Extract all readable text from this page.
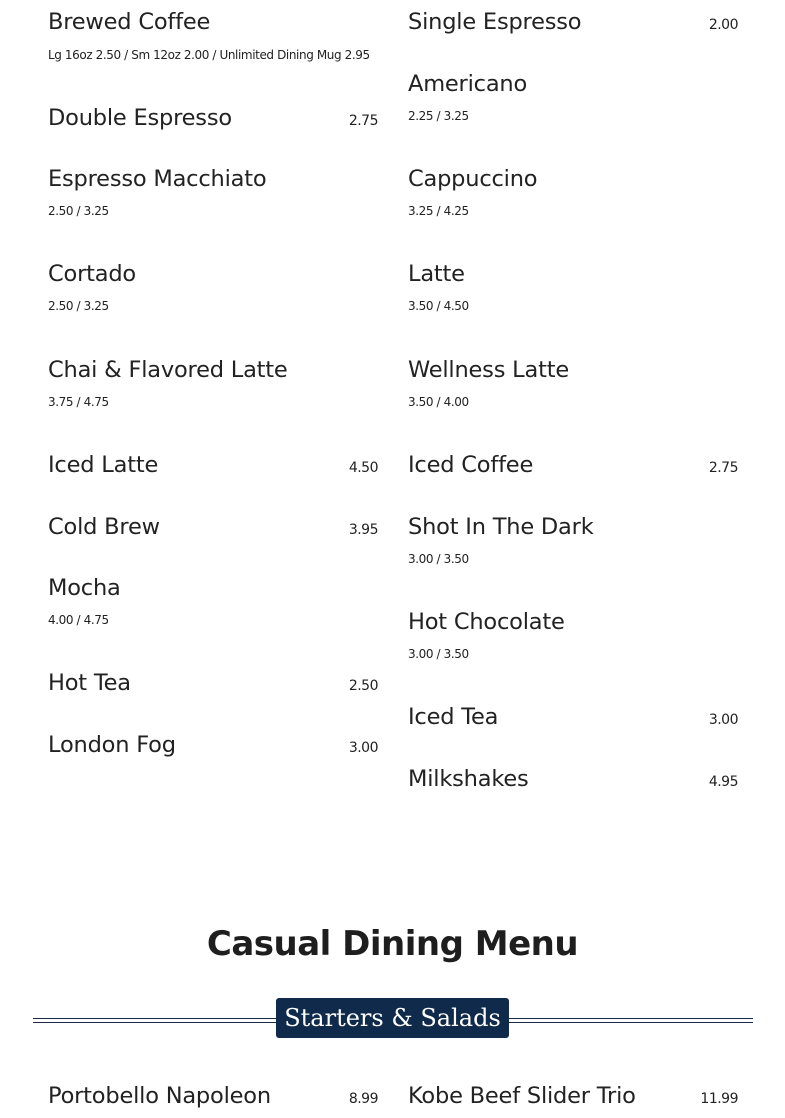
Brewed Coffee
Lg 16oz 2.50 / Sm 12oz 2.00 / Unlimited Dining Mug 2.95
Double Espresso	2.75
Espresso Macchiato
2.50 / 3.25
Cortado
2.50 / 3.25
Chai & Flavored Latte
3.75 / 4.75
Iced Latte	4.50
Cold Brew	3.95
Mocha
4.00 / 4.75
Hot Tea	2.50
London Fog	3.00
Single Espresso	2.00
Americano
2.25 / 3.25
Cappuccino
3.25 / 4.25
Latte
3.50 / 4.50
Wellness Latte
3.50 / 4.00
Iced Coffee	2.75
Shot In The Dark
3.00 / 3.50
Hot Chocolate
3.00 / 3.50
Iced Tea	3.00
Milkshakes	4.95
Casual Dining Menu
Starters & Salads
Portobello Napoleon	8.99 Kobe Beef Slider Trio	11.99
